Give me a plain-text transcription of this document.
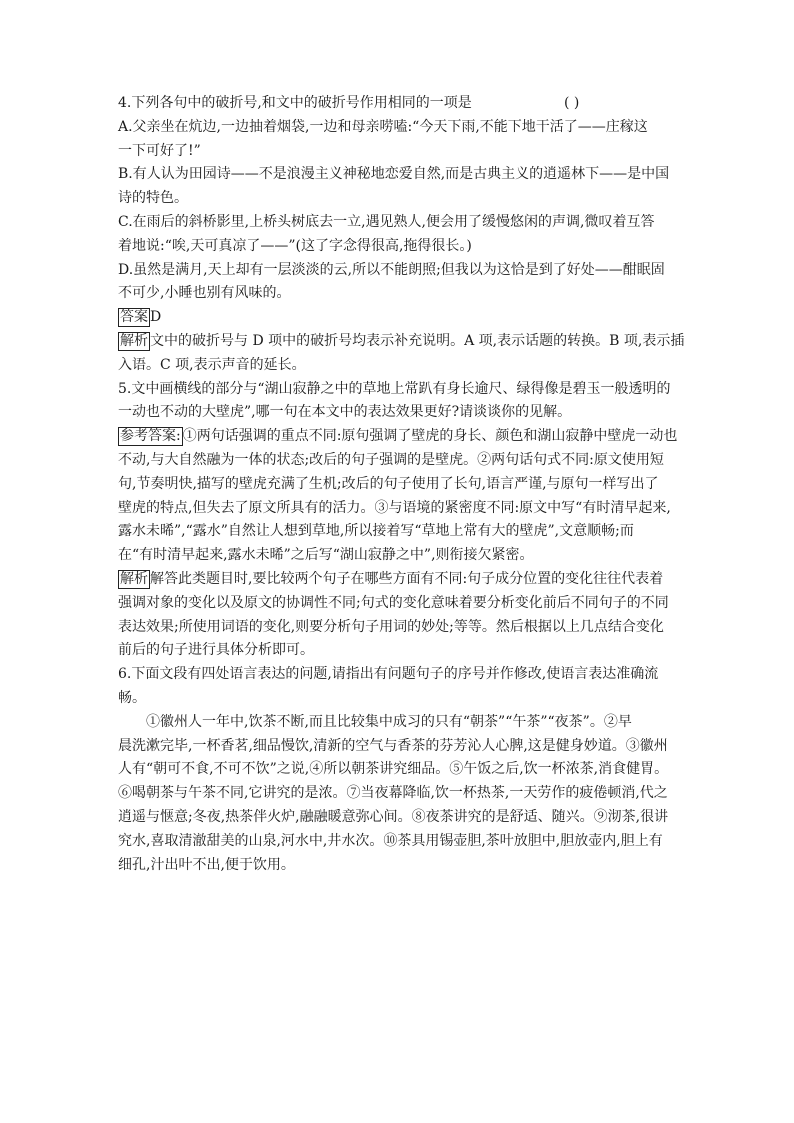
4.下列各句中的破折号,和文中的破折号作用相同的一项是	( )
A.父亲坐在炕边,一边抽着烟袋,一边和母亲唠嗑:“今天下雨,不能下地干活了——庄稼这
一下可好了!”
B.有人认为田园诗——不是浪漫主义神秘地恋爱自然,而是古典主义的逍遥林下——是中国
诗的特色。
C.在雨后的斜桥影里,上桥头树底去一立,遇见熟人,便会用了缓慢悠闲的声调,微叹着互答
着地说:“唉,天可真凉了——”(这了字念得很高,拖得很长。)
D.虽然是满月,天上却有一层淡淡的云,所以不能朗照;但我以为这恰是到了好处——酣眠固
不可少,小睡也别有风味的。
答案 D
解析 文中的破折号与 D 项中的破折号均表示补充说明。A 项,表示话题的转换。B 项,表示插
入语。C 项,表示声音的延长。
5.文中画横线的部分与“湖山寂静之中的草地上常趴有身长逾尺、绿得像是碧玉一般透明的
一动也不动的大壁虎”,哪一句在本文中的表达效果更好?请谈谈你的见解。
参考答案: ①两句话强调的重点不同:原句强调了壁虎的身长、颜色和湖山寂静中壁虎一动也
不动,与大自然融为一体的状态;改后的句子强调的是壁虎。②两句话句式不同:原文使用短
句,节奏明快,描写的壁虎充满了生机;改后的句子使用了长句,语言严谨,与原句一样写出了
壁虎的特点,但失去了原文所具有的活力。③与语境的紧密度不同:原文中写“有时清早起来,
露水未晞”,“露水”自然让人想到草地,所以接着写“草地上常有大的壁虎”,文意顺畅;而
在“有时清早起来,露水未晞”之后写“湖山寂静之中”,则衔接欠紧密。
解析 解答此类题目时,要比较两个句子在哪些方面有不同:句子成分位置的变化往往代表着
强调对象的变化以及原文的协调性不同;句式的变化意味着要分析变化前后不同句子的不同
表达效果;所使用词语的变化,则要分析句子用词的妙处;等等。然后根据以上几点结合变化
前后的句子进行具体分析即可。
6.下面文段有四处语言表达的问题,请指出有问题句子的序号并作修改,使语言表达准确流
畅。
①徽州人一年中,饮茶不断,而且比较集中成习的只有“朝茶”“午茶”“夜茶”。②早
晨洗漱完毕,一杯香茗,细品慢饮,清新的空气与香茶的芬芳沁人心脾,这是健身妙道。③徽州
人有“朝可不食,不可不饮”之说,④所以朝茶讲究细品。⑤午饭之后,饮一杯浓茶,消食健胃。
⑥喝朝茶与午茶不同,它讲究的是浓。⑦当夜幕降临,饮一杯热茶,一天劳作的疲倦顿消,代之
逍遥与惬意;冬夜,热茶伴火炉,融融暖意弥心间。⑧夜茶讲究的是舒适、随兴。⑨沏茶,很讲
究水,喜取清澈甜美的山泉,河水中,井水次。⑩茶具用锡壶胆,茶叶放胆中,胆放壶内,胆上有
细孔,汁出叶不出,便于饮用。
